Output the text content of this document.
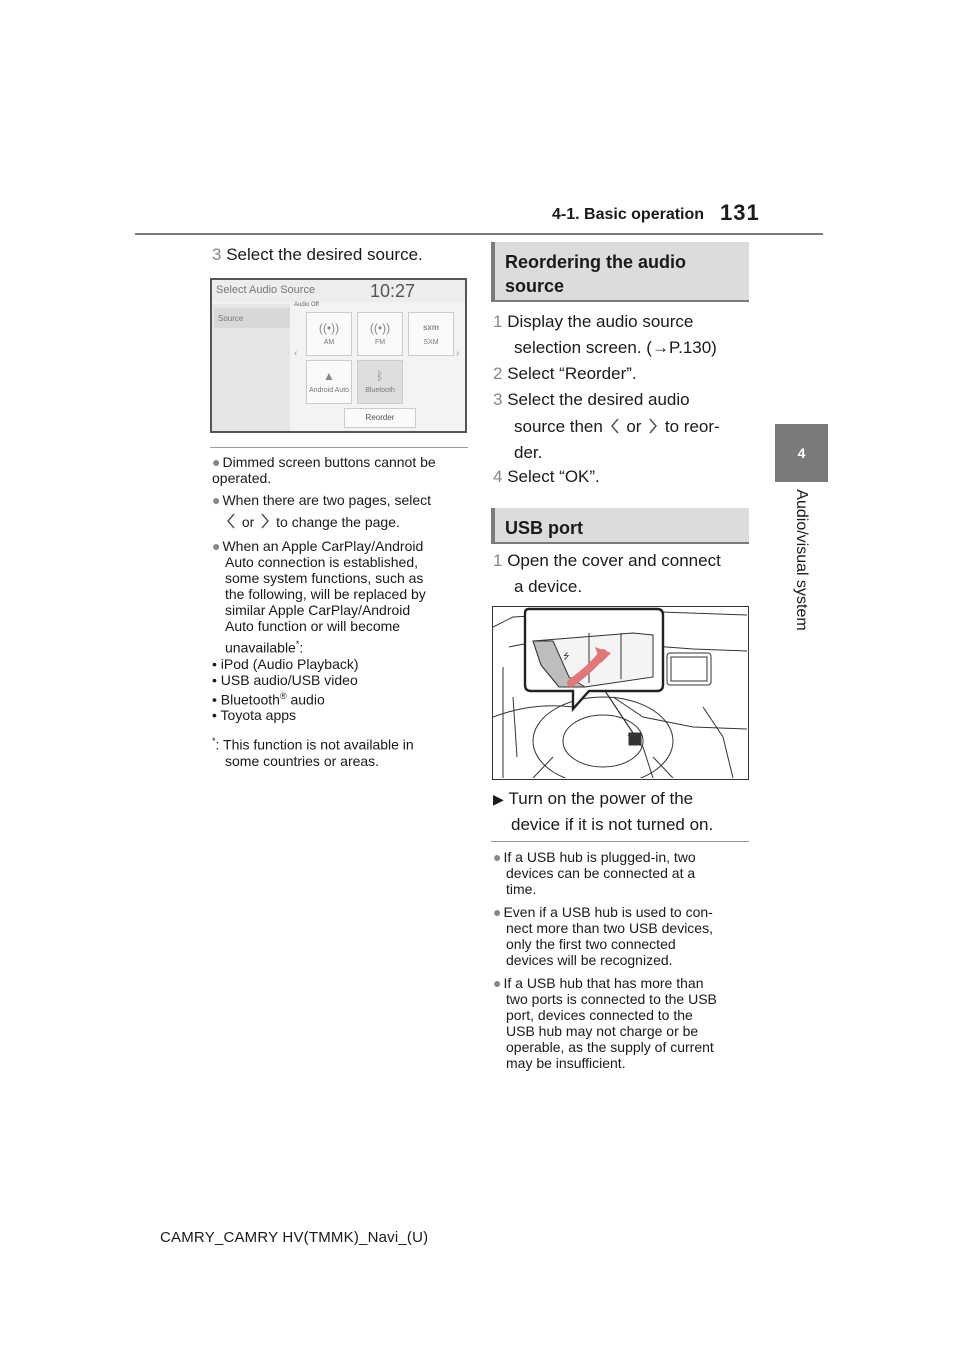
4-1. Basic operation 131
4
Audio/visual system
3 Select the desired source.
Select Audio Source	10:27
Audio Off
Source
‹
((•))
AM
((•))
FM
sxm
SXM
›
▲
Android Auto
ᛒ
Bluetooth
Reorder
● Dimmed screen buttons cannot be operated.
● When there are two pages, select
or to change the page.
● When an Apple CarPlay/Android
Auto connection is established,
some system functions, such as
the following, will be replaced by
similar Apple CarPlay/Android
Auto function or will become
unavailable*:
• iPod (Audio Playback)
• USB audio/USB video
• Bluetooth® audio
• Toyota apps
*: This function is not available in
some countries or areas.
Reordering the audio
source
1 Display the audio source
selection screen. (→P.130)
2 Select “Reorder”.
3 Select the desired audio
source then or to reor-
der.
4 Select “OK”.
USB port
1 Open the cover and connect
a device.
⭍
▶ Turn on the power of the
device if it is not turned on.
● If a USB hub is plugged-in, two
devices can be connected at a
time.
● Even if a USB hub is used to con-
nect more than two USB devices,
only the first two connected
devices will be recognized.
● If a USB hub that has more than
two ports is connected to the USB
port, devices connected to the
USB hub may not charge or be
operable, as the supply of current
may be insufficient.
CAMRY_CAMRY HV(TMMK)_Navi_(U)
